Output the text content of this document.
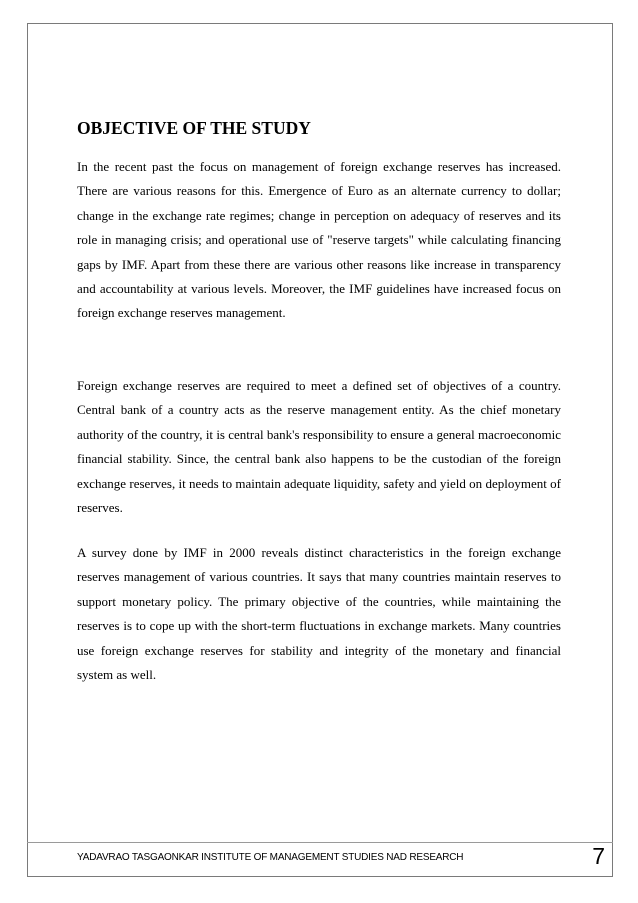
OBJECTIVE OF THE STUDY

In the recent past the focus on management of foreign exchange reserves has increased. There are various reasons for this. Emergence of Euro as an alternate currency to dollar; change in the exchange rate regimes; change in perception on adequacy of reserves and its role in managing crisis; and operational use of "reserve targets" while calculating financing gaps by IMF. Apart from these there are various other reasons like increase in transparency and accountability at various levels. Moreover, the IMF guidelines have increased focus on foreign exchange reserves management.

Foreign exchange reserves are required to meet a defined set of objectives of a country. Central bank of a country acts as the reserve management entity. As the chief monetary authority of the country, it is central bank's responsibility to ensure a general macroeconomic financial stability. Since, the central bank also happens to be the custodian of the foreign exchange reserves, it needs to maintain adequate liquidity, safety and yield on deployment of reserves.

A survey done by IMF in 2000 reveals distinct characteristics in the foreign exchange reserves management of various countries. It says that many countries maintain reserves to support monetary policy. The primary objective of the countries, while maintaining the reserves is to cope up with the short-term fluctuations in exchange markets. Many countries use foreign exchange reserves for stability and integrity of the monetary and financial system as well.

YADAVRAO TASGAONKAR INSTITUTE OF MANAGEMENT STUDIES NAD RESEARCH	7
